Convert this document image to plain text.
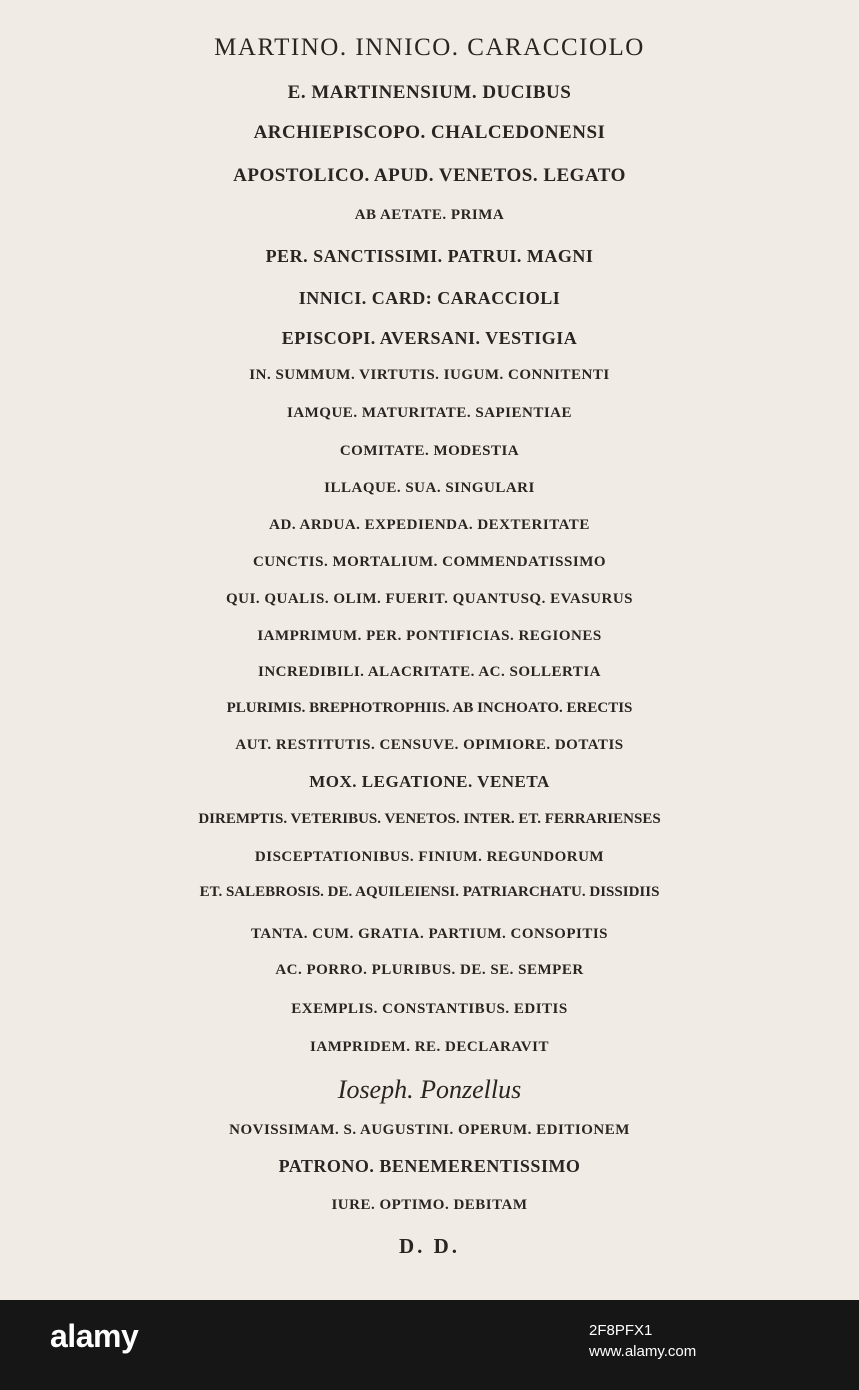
MARTINO. INNICO. CARACCIOLO
E. MARTINENSIUM. DUCIBUS
ARCHIEPISCOPO. CHALCEDONENSI
APOSTOLICO. APUD. VENETOS. LEGATO
AB AETATE. PRIMA
PER. SANCTISSIMI. PATRUI. MAGNI
INNICI. CARD: CARACCIOLI
EPISCOPI. AVERSANI. VESTIGIA
IN. SUMMUM. VIRTUTIS. IUGUM. CONNITENTI
IAMQUE. MATURITATE. SAPIENTIAE
COMITATE. MODESTIA
ILLAQUE. SUA. SINGULARI
AD. ARDUA. EXPEDIENDA. DEXTERITATE
CUNCTIS. MORTALIUM. COMMENDATISSIMO
QUI. QUALIS. OLIM. FUERIT. QUANTUSQ. EVASURUS
IAMPRIMUM. PER. PONTIFICIAS. REGIONES
INCREDIBILI. ALACRITATE. AC. SOLLERTIA
PLURIMIS. BREPHOTROPHIIS. AB INCHOATO. ERECTIS
AUT. RESTITUTIS. CENSUVE. OPIMIORE. DOTATIS
MOX. LEGATIONE. VENETA
DIREMPTIS. VETERIBUS. VENETOS. INTER. ET. FERRARIENSES
DISCEPTATIONIBUS. FINIUM. REGUNDORUM
ET. SALEBROSIS. DE. AQUILEIENSI. PATRIARCHATU. DISSIDIIS
TANTA. CUM. GRATIA. PARTIUM. CONSOPITIS
AC. PORRO. PLURIBUS. DE. SE. SEMPER
EXEMPLIS. CONSTANTIBUS. EDITIS
IAMPRIDEM. RE. DECLARAVIT
Ioseph. Ponzellus
NOVISSIMAM. S. AUGUSTINI. OPERUM. EDITIONEM
PATRONO. BENEMERENTISSIMO
IURE. OPTIMO. DEBITAM
D. D.
alamy	2F8PFX1
www.alamy.com
